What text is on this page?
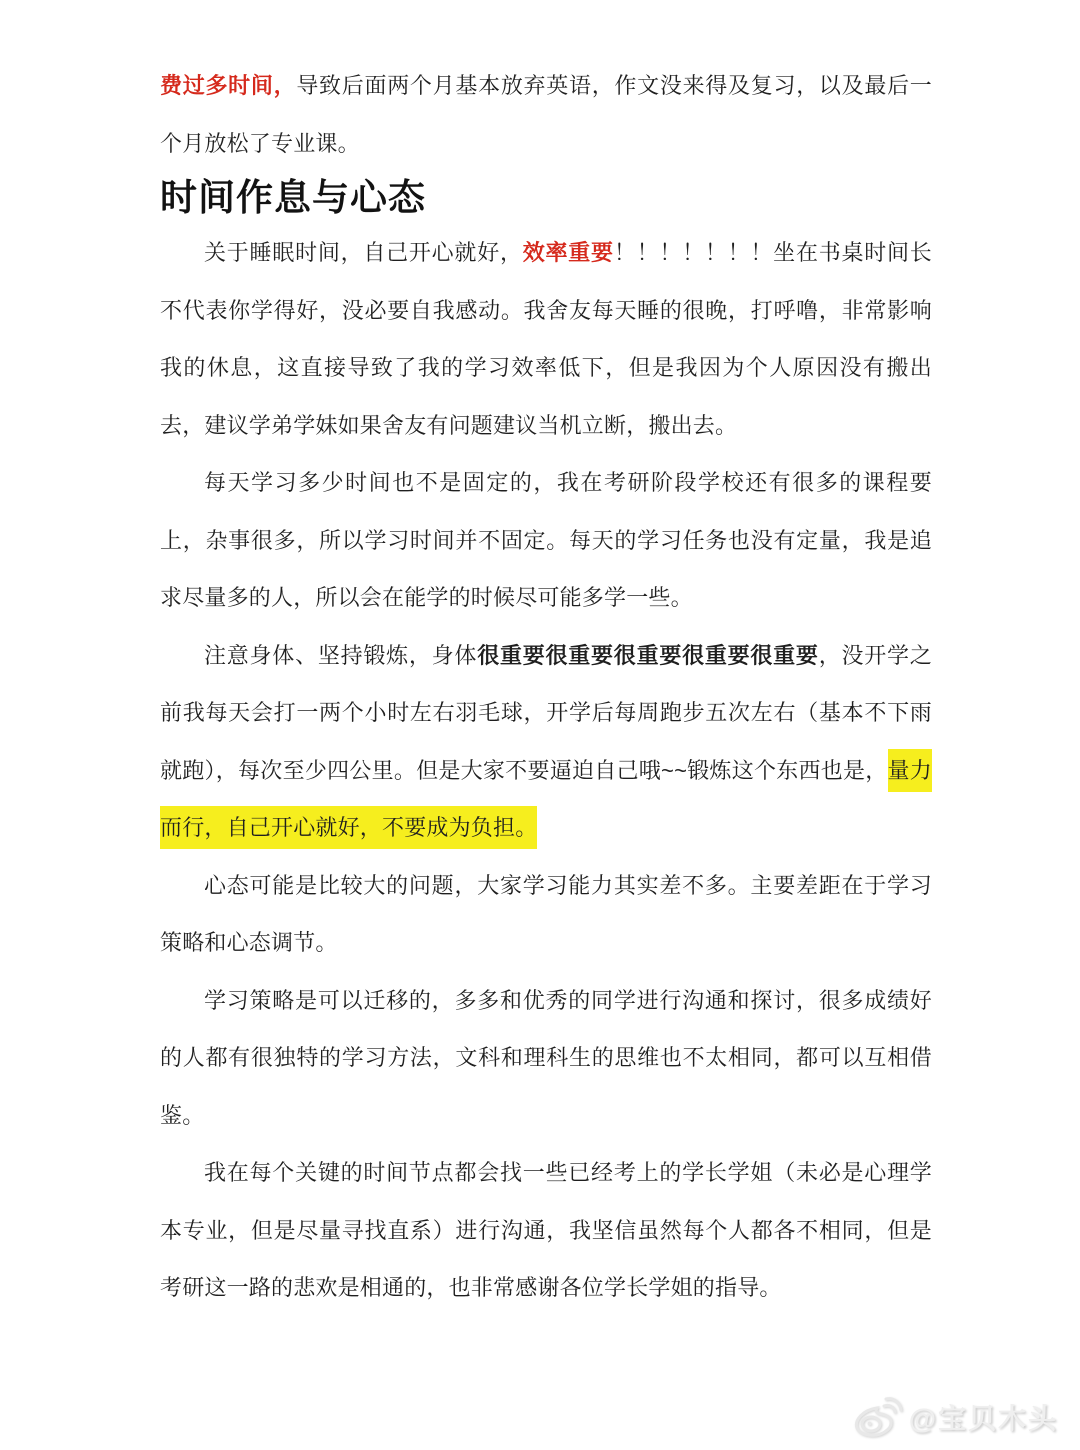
费过多时间，导致后面两个月基本放弃英语，作文没来得及复习，以及最后一个月放松了专业课。

时间作息与心态

关于睡眠时间，自己开心就好，效率重要！！！！！！！坐在书桌时间长不代表你学得好，没必要自我感动。我舍友每天睡的很晚，打呼噜，非常影响我的休息，这直接导致了我的学习效率低下，但是我因为个人原因没有搬出去，建议学弟学妹如果舍友有问题建议当机立断，搬出去。

每天学习多少时间也不是固定的，我在考研阶段学校还有很多的课程要上，杂事很多，所以学习时间并不固定。每天的学习任务也没有定量，我是追求尽量多的人，所以会在能学的时候尽可能多学一些。

注意身体、坚持锻炼，身体很重要很重要很重要很重要很重要，没开学之前我每天会打一两个小时左右羽毛球，开学后每周跑步五次左右（基本不下雨就跑），每次至少四公里。但是大家不要逼迫自己哦~~锻炼这个东西也是，量力而行，自己开心就好，不要成为负担。

心态可能是比较大的问题，大家学习能力其实差不多。主要差距在于学习策略和心态调节。

学习策略是可以迁移的，多多和优秀的同学进行沟通和探讨，很多成绩好的人都有很独特的学习方法，文科和理科生的思维也不太相同，都可以互相借鉴。

我在每个关键的时间节点都会找一些已经考上的学长学姐（未必是心理学本专业，但是尽量寻找直系）进行沟通，我坚信虽然每个人都各不相同，但是考研这一路的悲欢是相通的，也非常感谢各位学长学姐的指导。

@宝贝木头
